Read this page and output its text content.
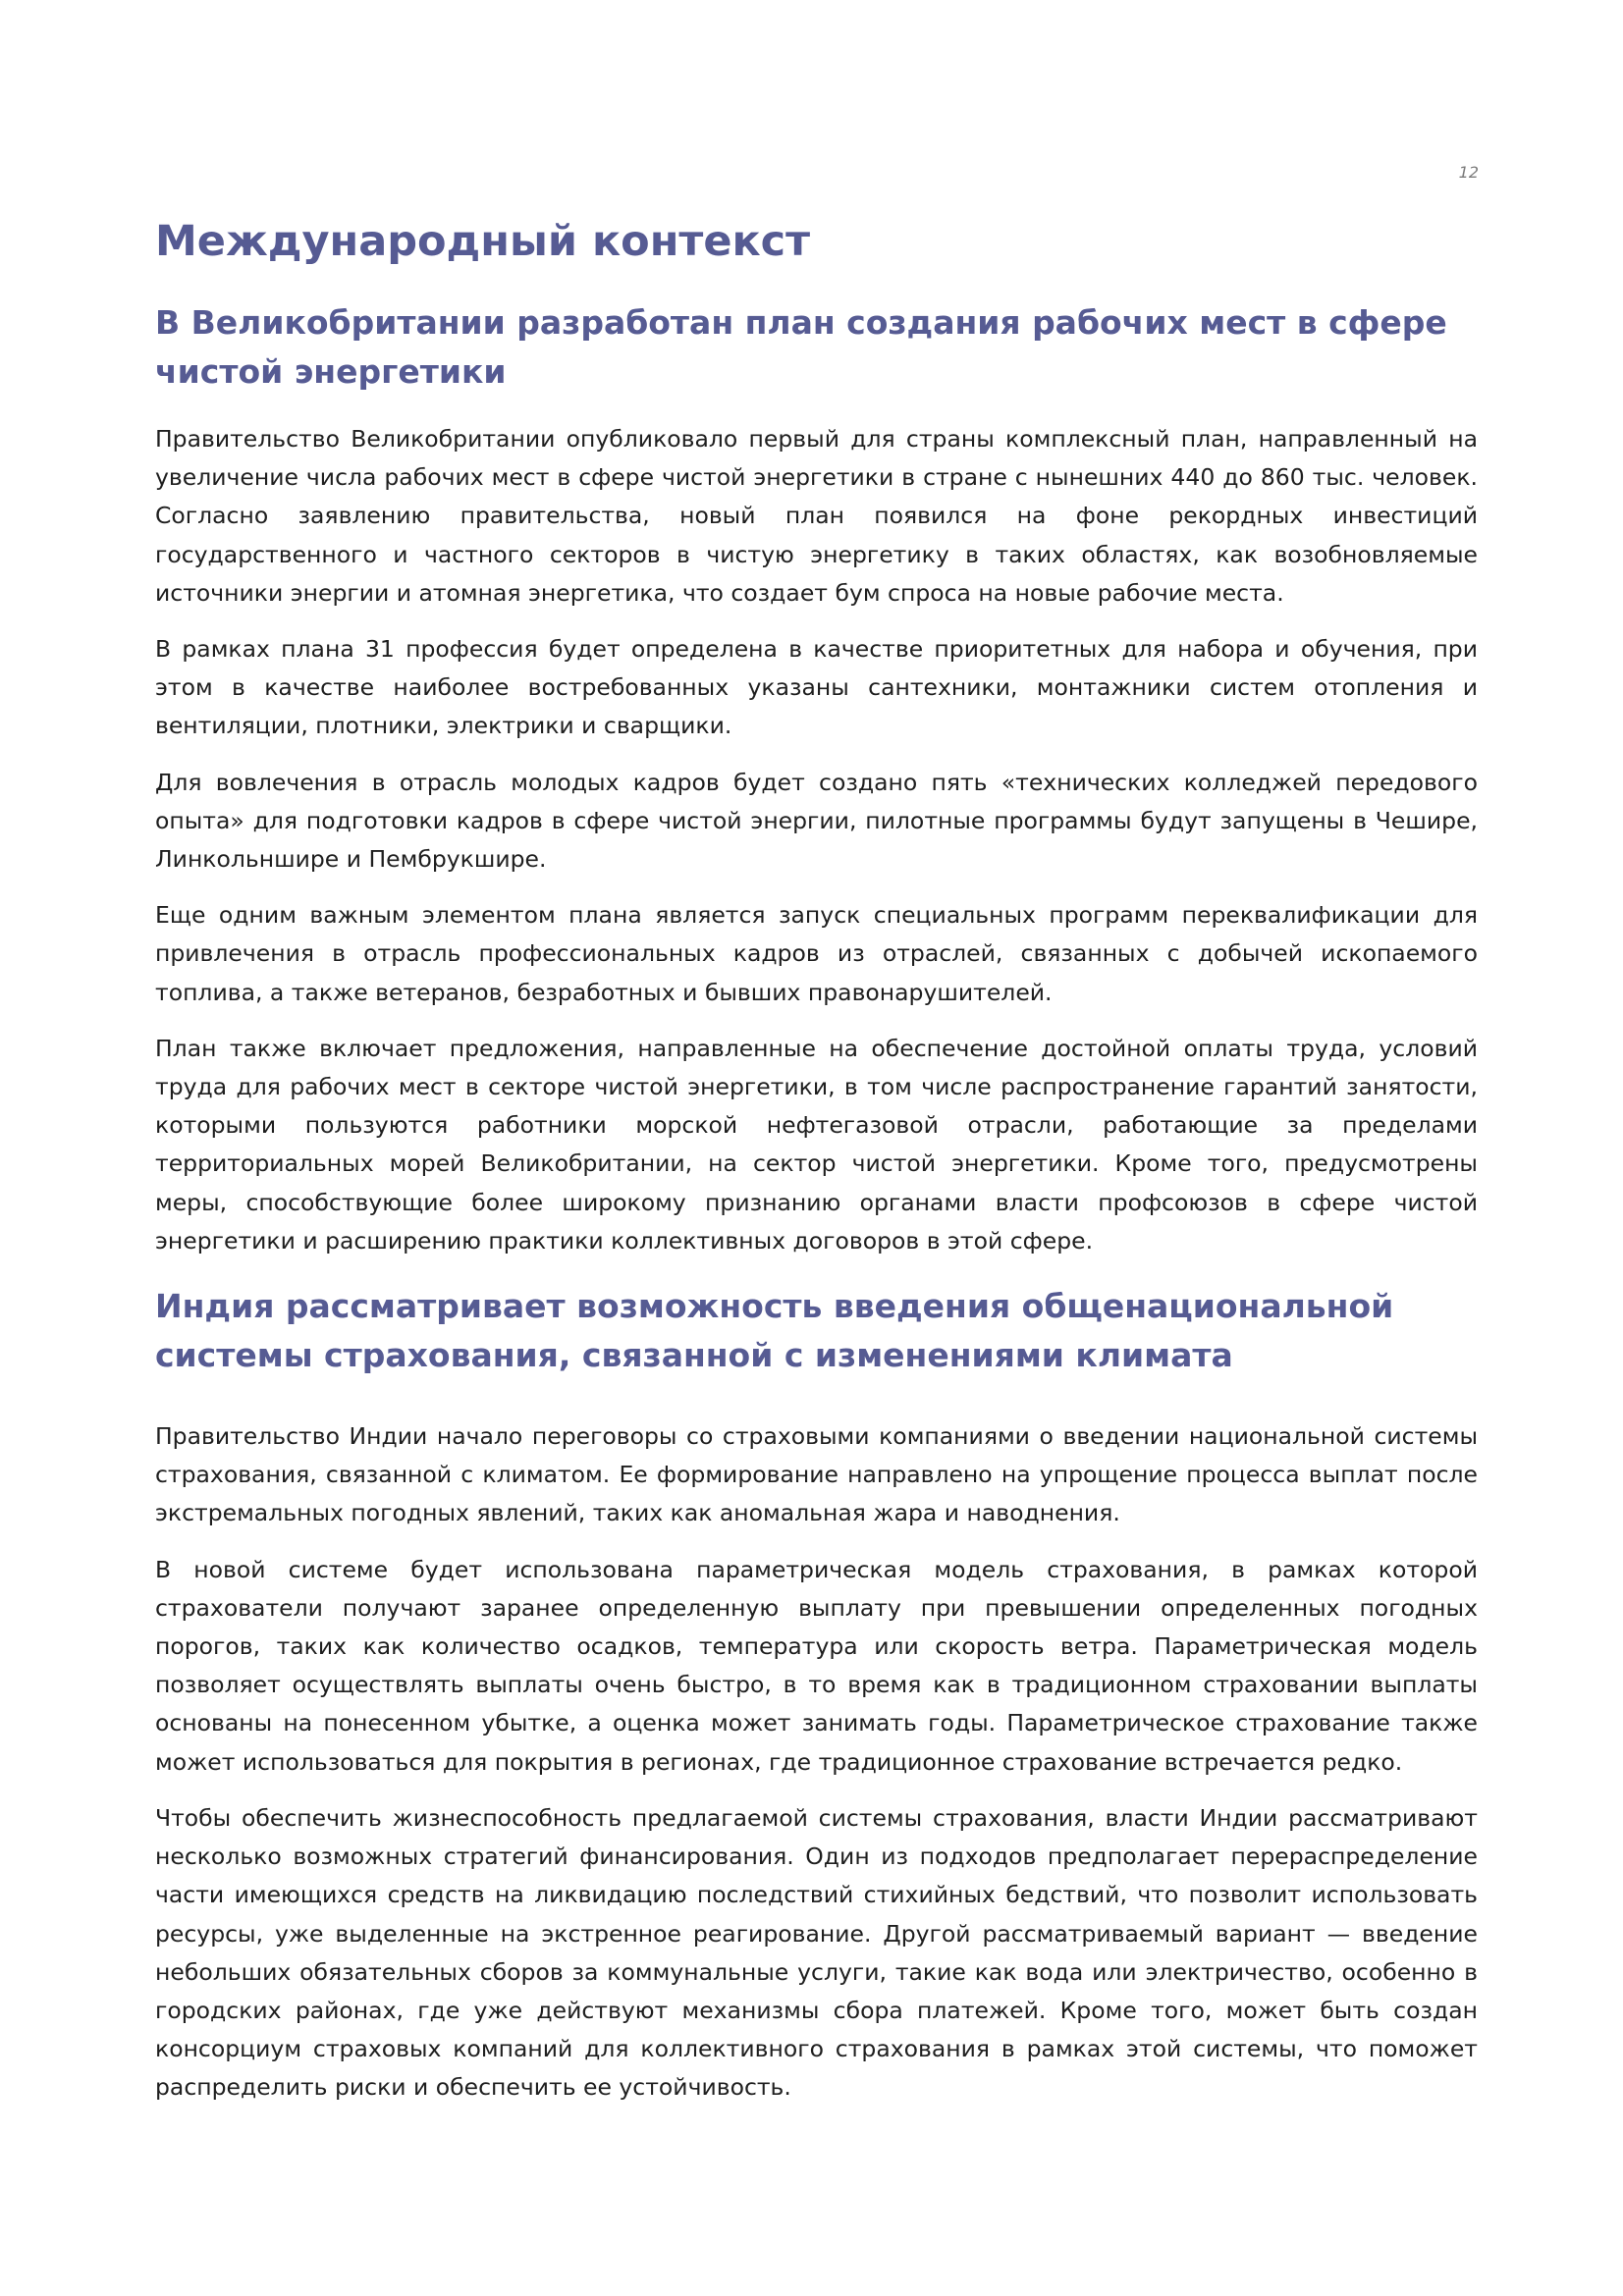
12
Международный контекст
В Великобритании разработан план создания рабочих мест в сфере чистой энергетики

Правительство Великобритании опубликовало первый для страны комплексный план, направленный на увеличение числа рабочих мест в сфере чистой энергетики в стране с нынешних 440 до 860 тыс. человек. Согласно заявлению правительства, новый план появился на фоне рекордных инвестиций государственного и частного секторов в чистую энергетику в таких областях, как возобновляемые источники энергии и атомная энергетика, что создает бум спроса на новые рабочие места.

В рамках плана 31 профессия будет определена в качестве приоритетных для набора и обучения, при этом в качестве наиболее востребованных указаны сантехники, монтажники систем отопления и вентиляции, плотники, электрики и сварщики.

Для вовлечения в отрасль молодых кадров будет создано пять «технических колледжей передового опыта» для подготовки кадров в сфере чистой энергии, пилотные программы будут запущены в Чешире, Линкольншире и Пембрукшире.

Еще одним важным элементом плана является запуск специальных программ переквалификации для привлечения в отрасль профессиональных кадров из отраслей, связанных с добычей ископаемого топлива, а также ветеранов, безработных и бывших правонарушителей.

План также включает предложения, направленные на обеспечение достойной оплаты труда, условий труда для рабочих мест в секторе чистой энергетики, в том числе распространение гарантий занятости, которыми пользуются работники морской нефтегазовой отрасли, работающие за пределами территориальных морей Великобритании, на сектор чистой энергетики. Кроме того, предусмотрены меры, способствующие более широкому признанию органами власти профсоюзов в сфере чистой энергетики и расширению практики коллективных договоров в этой сфере.

Индия рассматривает возможность введения общенациональной системы страхования, связанной с изменениями климата

Правительство Индии начало переговоры со страховыми компаниями о введении национальной системы страхования, связанной с климатом. Ее формирование направлено на упрощение процесса выплат после экстремальных погодных явлений, таких как аномальная жара и наводнения.

В новой системе будет использована параметрическая модель страхования, в рамках которой страхователи получают заранее определенную выплату при превышении определенных погодных порогов, таких как количество осадков, температура или скорость ветра. Параметрическая модель позволяет осуществлять выплаты очень быстро, в то время как в традиционном страховании выплаты основаны на понесенном убытке, а оценка может занимать годы. Параметрическое страхование также может использоваться для покрытия в регионах, где традиционное страхование встречается редко.

Чтобы обеспечить жизнеспособность предлагаемой системы страхования, власти Индии рассматривают несколько возможных стратегий финансирования. Один из подходов предполагает перераспределение части имеющихся средств на ликвидацию последствий стихийных бедствий, что позволит использовать ресурсы, уже выделенные на экстренное реагирование. Другой рассматриваемый вариант — введение небольших обязательных сборов за коммунальные услуги, такие как вода или электричество, особенно в городских районах, где уже действуют механизмы сбора платежей. Кроме того, может быть создан консорциум страховых компаний для коллективного страхования в рамках этой системы, что поможет распределить риски и обеспечить ее устойчивость.
